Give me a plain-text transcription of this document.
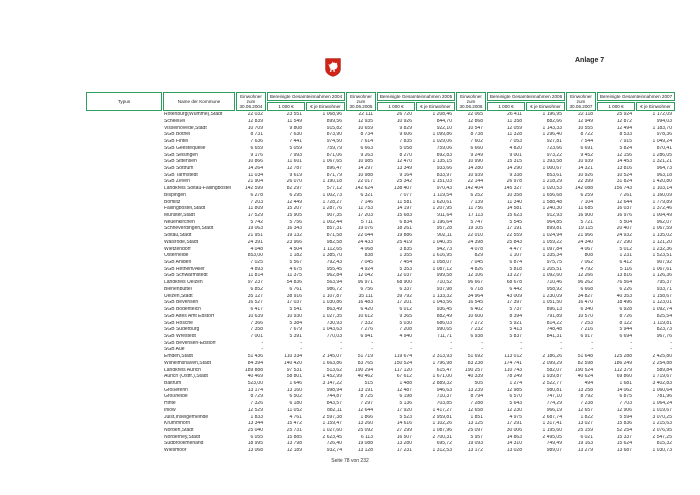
Anlage 7
Typus	Name der Kommune	Einwohner zum 30.06.2004	Bereinigte Gesamteinnahmen 2004		Einwohner zum 30.06.2005	Bereinigte Gesamteinnahmen 2005		Einwohner zum 30.06.2006	Bereinigte Gesamteinnahmen 2006		Einwohner zum 30.06.2007	Bereinigte Gesamteinnahmen 2007	
			1 000 €	€ je Einwohner		1 000 €	€ je Einwohner		1 000 €	€ je Einwohner		1 000 €	€ je Einwohner
	Rotenburg(Wümme),Stadt	22 032	23 551	1 068,96	22 111	26 720	1 208,46	22 065	26 411	1 196,95	22 118	25 924	1 172,09
	Scheeßel	12 839	11 549	899,56	12 935	10 926	844,70	12 868	11 358	882,66	12 949	12 872	994,03
	Visselhövede,Stadt	10 709	9 808	915,82	10 659	9 829	922,10	10 547	12 059	1 143,33	10 555	12 494	1 183,70
	SGB Bothel	8 731	7 630	873,90	8 734	9 606	1 099,86	8 738	11 328	1 296,40	8 722	8 533	978,36
	SGB Fintel	7 636	7 441	974,50	7 614	7 835	1 029,06	7 602	7 053	927,81	7 544	7 915	1 049,24
	SGB Geestequelle	6 659	5 059	759,79	6 663	5 058	759,06	6 660	4 820	723,66	6 691	5 824	870,41
	SGB Selsingen	9 176	7 993	871,06	9 263	8 270	892,83	9 249	9 001	973,22	9 452	12 156	1 286,05
	SGB Sittensen	10 866	11 601	1 067,65	10 985	12 470	1 135,15	10 990	15 315	1 393,58	10 939	14 453	1 321,21
	SGB Sottrum	14 264	12 787	896,47	14 297	13 349	933,66	14 280	14 290	1 000,67	14 321	13 816	964,73
	SGB Tarmstedt	11 034	9 619	871,79	10 988	9 164	833,97	10 939	9 338	853,61	10 926	10 524	963,18
	SGB Zeven	21 904	26 070	1 190,18	22 017	25 342	1 151,03	22 144	26 978	1 218,29	22 399	31 824	1 420,80
	Landkreis Soltau-Fallingbostel	142 599	82 297	577,12	142 624	138 407	970,43	142 404	145 327	1 020,53	142 088	156 743	1 103,14
	Bispingen	6 278	6 295	1 002,73	6 321	7 077	1 119,54	6 252	10 358	1 656,68	6 259	7 261	1 160,09
	Bomlitz	7 203	12 449	1 728,27	7 146	11 581	1 620,61	7 139	11 340	1 588,48	7 104	12 644	1 779,89
	Fallingbostel,Stadt	11 809	15 207	1 287,76	11 753	14 197	1 207,95	11 756	14 581	1 240,30	11 685	16 037	1 372,46
	Munster,Stadt	17 529	15 905	907,35	17 203	15 683	911,64	17 113	15 623	912,93	16 900	16 976	1 004,49
	Neuenkirchen	5 742	5 756	1 002,44	5 711	6 834	1 196,64	5 747	5 545	964,85	5 721	5 504	962,07
	Schneverdingen,Stadt	19 063	16 343	857,31	19 076	18 261	957,28	19 105	17 191	899,81	19 115	20 407	1 067,59
	Soltau,Stadt	21 951	19 132	871,58	22 044	19 886	902,11	22 010	22 559	1 024,94	21 966	24 932	1 135,02
	Walsrode,Stadt	24 391	23 966	982,58	24 433	25 419	1 040,35	24 398	25 843	1 059,22	24 340	27 290	1 121,20
	Wietzendorf	4 048	4 504	1 112,65	4 068	3 835	942,73	4 078	4 477	1 097,84	4 067	5 012	1 232,36
	Osterheide	853,00	1 182	1 385,70	838	1 355	1 616,95	829	1 107	1 335,34	808	1 231	1 523,51
	SGB Ahlden	7 025	5 567	792,43	7 045	7 454	1 058,07	7 045	6 874	975,75	7 062	6 412	907,92
	SGB Rethem/Aller	4 893	4 675	955,45	4 924	5 353	1 087,12	4 826	5 818	1 205,51	4 792	5 116	1 067,61
	SGB Schwarmstedt	11 814	11 375	962,84	12 042	12 037	999,58	12 106	13 227	1 092,60	12 266	13 816	1 126,36
	Landkreis Uelzen	97 237	54 836	563,94	96 971	68 900	710,52	96 667	68 678	710,46	96 262	76 564	795,37
	Bienenbüttel	6 852	6 761	986,72	6 756	6 337	937,98	6 718	6 442	958,92	6 668	6 226	933,71
	Uelzen,Stadt	35 127	38 916	1 107,87	35 111	39 792	1 133,32	34 964	43 009	1 230,09	34 827	40 353	1 158,67
	SGB Bevensen	16 527	17 037	1 030,86	16 483	17 201	1 043,56	16 545	17 397	1 051,50	16 470	18 496	1 123,01
	SGB Bodenteich	6 417	5 541	863,49	6 420	6 012	936,45	6 402	5 737	896,13	6 340	6 928	1 092,74
	SGB Altes Amt Ebstorf	10 639	10 930	1 027,35	10 612	9 365	882,49	10 600	8 394	791,89	10 570	8 726	825,54
	SGB Rosche	7 366	5 384	730,93	7 332	5 030	686,03	7 272	5 921	814,22	7 253	8 122	1 119,81
	SGB Suderburg	7 358	7 679	1 043,63	7 276	7 208	990,65	7 232	5 413	748,48	7 216	5 944	823,73
	SGB Wrestedt	7 001	5 391	770,03	6 941	4 940	711,71	6 938	5 837	841,31	6 917	6 694	967,76
	SGB Bevensen-Ebstorf	-	-	-	-	-	-	-	-	-	-	-	-
	SGB Aue	-	-	-	-	-	-	-	-	-	-	-	-
	Emden,Stadt	51 436	110 334	2 145,07	51 719	119 674	2 313,93	51 692	113 012	2 186,26	51 648	125 288	2 425,80
	Wilhelmshaven,Stadt	84 394	140 420	1 663,86	83 765	150 524	1 796,98	83 238	174 741	2 099,29	82 598	186 249	2 254,88
	Landkreis Aurich	189 888	97 531	513,62	190 294	117 120	615,47	190 257	110 743	582,07	190 524	112 379	589,84
	Aurich (Ostfr.),Stadt	40 469	58 801	1 452,99	40 462	67 612	1 671,00	40 339	78 249	1 939,87	40 624	69 860	1 719,67
	Baltrum	523,00	1 646	3 147,22	515	1 488	2 889,32	505	1 274	2 522,77	494	1 681	3 402,83
	Großefehn	13 174	13 160	998,94	13 191	12 487	946,63	13 239	12 985	980,81	13 258	14 062	1 060,64
	Großheide	8 729	6 502	744,87	8 725	6 198	710,37	8 794	6 570	747,10	8 792	6 875	781,96
	Hinte	7 326	6 180	843,57	7 297	5 136	703,85	7 288	5 643	774,29	7 238	7 703	1 064,24
	Ihlow	12 529	11 052	882,11	12 644	17 920	1 417,27	12 658	12 230	966,19	12 657	12 906	1 019,67
	Juist,Inselgemeinde	1 833	4 761	2 597,38	1 866	5 523	2 959,81	1 851	4 975	2 687,74	1 822	5 594	3 070,25
	Krummhörn	13 344	15 472	1 159,47	13 260	14 616	1 102,26	13 125	17 291	1 317,41	13 027	15 836	1 215,63
	Norden,Stadt	25 040	25 731	1 027,60	25 092	27 299	1 087,96	25 097	30 006	1 195,60	25 159	52 254	2 076,95
	Norderney,Stadt	6 055	15 885	2 623,45	6 113	16 507	2 700,31	5 957	14 863	2 495,05	6 021	15 337	2 547,25
	Südbrookmerland	18 995	13 798	726,40	19 088	13 280	695,72	19 093	14 310	749,49	19 163	15 624	815,32
	Wiesmoor	13 068	12 189	932,74	13 128	17 231	1 312,53	13 172	13 028	989,07	13 279	13 687	1 030,73
Seite 78 von 232
